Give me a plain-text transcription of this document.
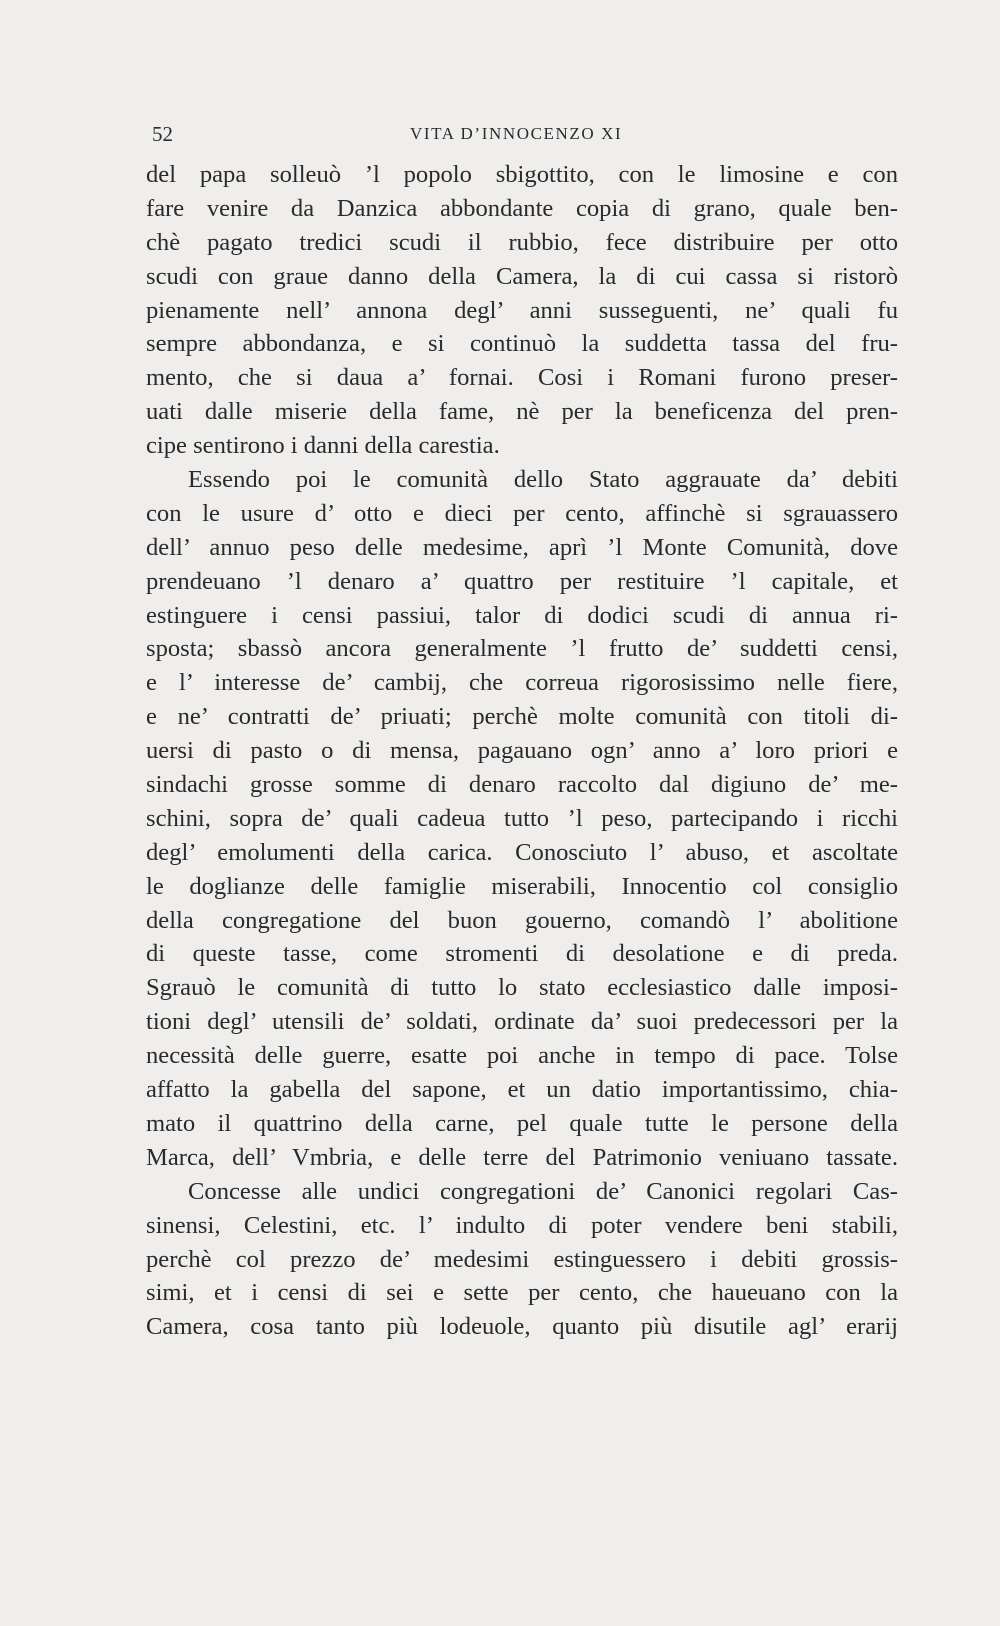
52	VITA D’INNOCENZO XI
del papa solleuò ’l popolo sbigottito, con le limosine e con
fare venire da Danzica abbondante copia di grano, quale ben-
chè pagato tredici scudi il rubbio, fece distribuire per otto
scudi con graue danno della Camera, la di cui cassa si ristorò
pienamente nell’ annona degl’ anni susseguenti, ne’ quali fu
sempre abbondanza, e si continuò la suddetta tassa del fru-
mento, che si daua a’ fornai. Cosi i Romani furono preser-
uati dalle miserie della fame, nè per la beneficenza del pren-
cipe sentirono i danni della carestia.
Essendo poi le comunità dello Stato aggrauate da’ debiti
con le usure d’ otto e dieci per cento, affinchè si sgrauassero
dell’ annuo peso delle medesime, aprì ’l Monte Comunità, dove
prendeuano ’l denaro a’ quattro per restituire ’l capitale, et
estinguere i censi passiui, talor di dodici scudi di annua ri-
sposta; sbassò ancora generalmente ’l frutto de’ suddetti censi,
e l’ interesse de’ cambij, che correua rigorosissimo nelle fiere,
e ne’ contratti de’ priuati; perchè molte comunità con titoli di-
uersi di pasto o di mensa, pagauano ogn’ anno a’ loro priori e
sindachi grosse somme di denaro raccolto dal digiuno de’ me-
schini, sopra de’ quali cadeua tutto ’l peso, partecipando i ricchi
degl’ emolumenti della carica. Conosciuto l’ abuso, et ascoltate
le doglianze delle famiglie miserabili, Innocentio col consiglio
della congregatione del buon gouerno, comandò l’ abolitione
di queste tasse, come stromenti di desolatione e di preda.
Sgrauò le comunità di tutto lo stato ecclesiastico dalle imposi-
tioni degl’ utensili de’ soldati, ordinate da’ suoi predecessori per la
necessità delle guerre, esatte poi anche in tempo di pace. Tolse
affatto la gabella del sapone, et un datio importantissimo, chia-
mato il quattrino della carne, pel quale tutte le persone della
Marca, dell’ Vmbria, e delle terre del Patrimonio veniuano tassate.
Concesse alle undici congregationi de’ Canonici regolari Cas-
sinensi, Celestini, etc. l’ indulto di poter vendere beni stabili,
perchè col prezzo de’ medesimi estinguessero i debiti grossis-
simi, et i censi di sei e sette per cento, che haueuano con la
Camera, cosa tanto più lodeuole, quanto più disutile agl’ erarij
